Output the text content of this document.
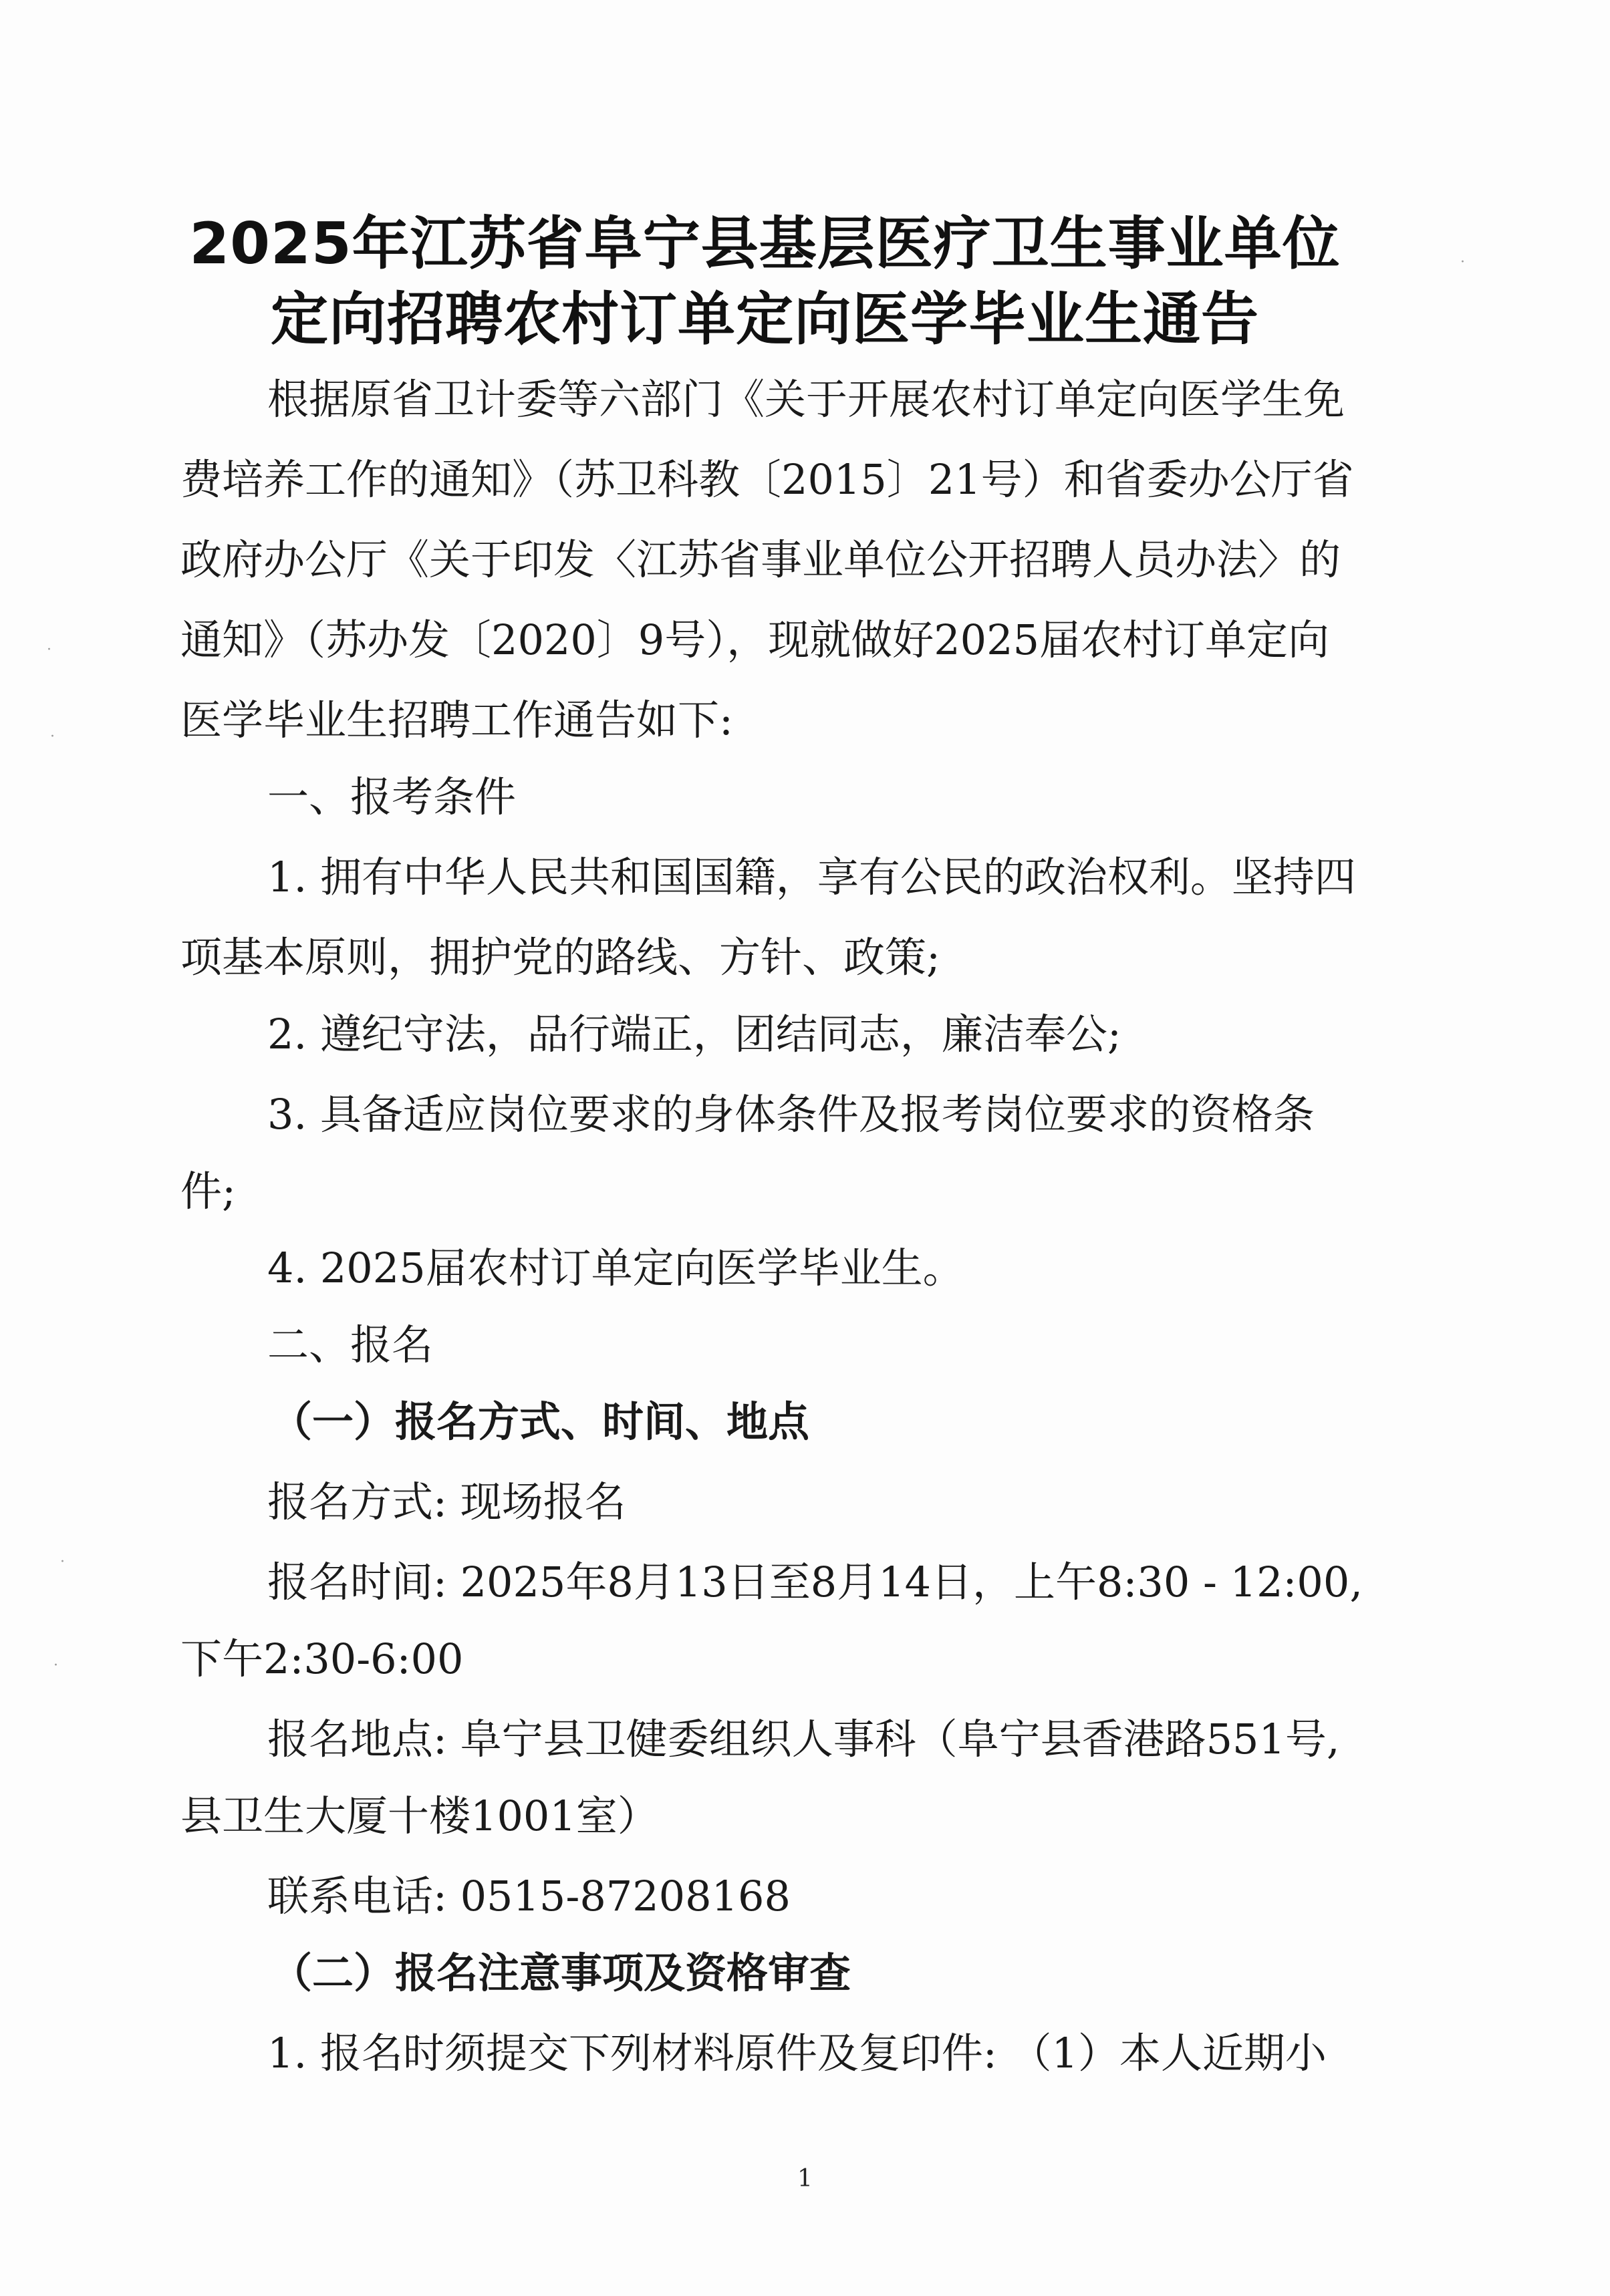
2025年江苏省阜宁县基层医疗卫生事业单位
定向招聘农村订单定向医学毕业生通告
根据原省卫计委等六部门《关于开展农村订单定向医学生免
费培养工作的通知》（苏卫科教〔2015〕21号）和省委办公厅省
政府办公厅《关于印发〈江苏省事业单位公开招聘人员办法〉的
通知》（苏办发〔2020〕9号），现就做好2025届农村订单定向
医学毕业生招聘工作通告如下:
一、报考条件
1. 拥有中华人民共和国国籍，享有公民的政治权利。坚持四
项基本原则，拥护党的路线、方针、政策;
2. 遵纪守法，品行端正，团结同志，廉洁奉公;
3. 具备适应岗位要求的身体条件及报考岗位要求的资格条
件;
4. 2025届农村订单定向医学毕业生。
二、报名
（一）报名方式、时间、地点
报名方式: 现场报名
报名时间: 2025年8月13日至8月14日，上午8:30 - 12:00,
下午2:30-6:00
报名地点: 阜宁县卫健委组织人事科（阜宁县香港路551号,
县卫生大厦十楼1001室）
联系电话: 0515-87208168
（二）报名注意事项及资格审查
1. 报名时须提交下列材料原件及复印件: （1）本人近期小
1
·
·
·
·
·
